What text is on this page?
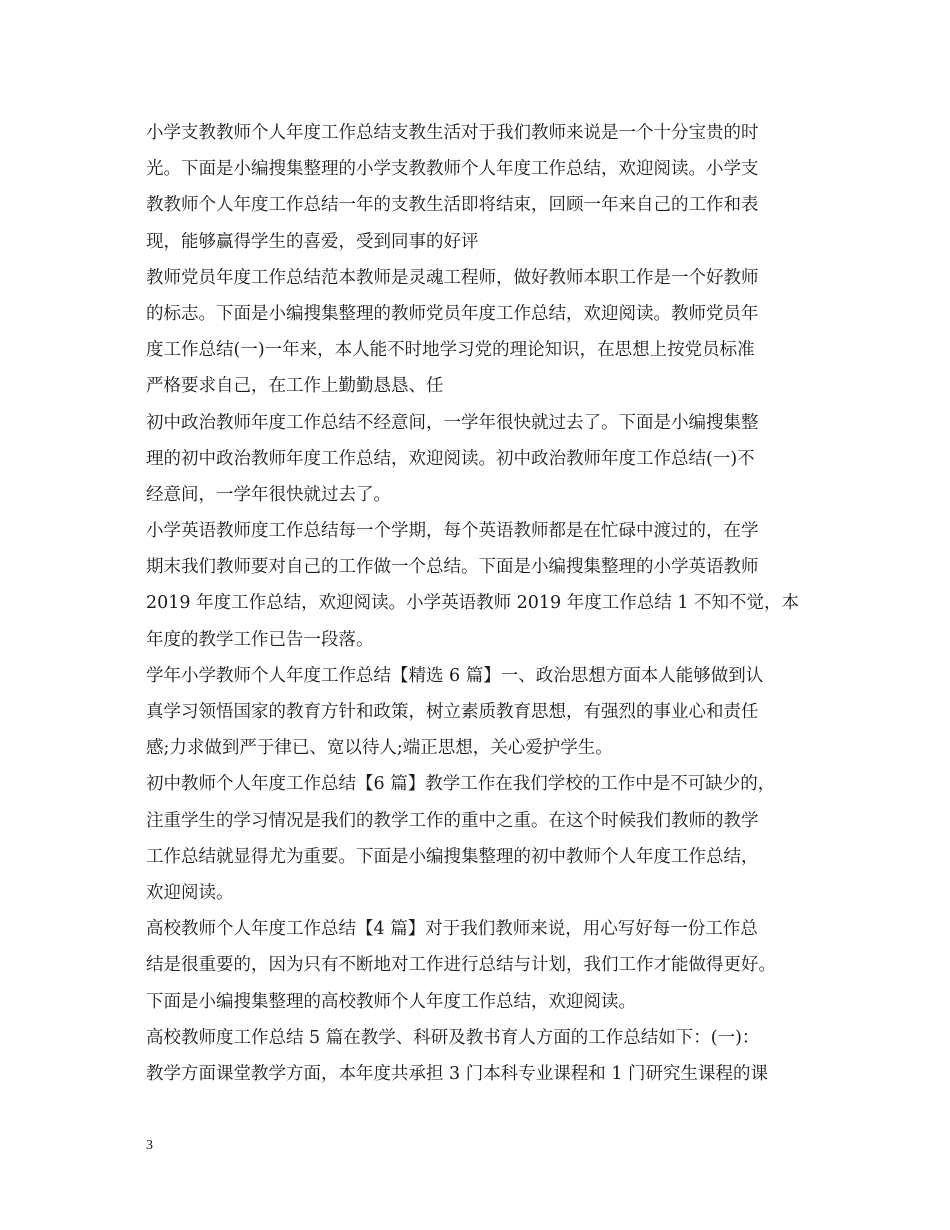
小学支教教师个人年度工作总结支教生活对于我们教师来说是一个十分宝贵的时
光。下面是小编搜集整理的小学支教教师个人年度工作总结，欢迎阅读。小学支
教教师个人年度工作总结一年的支教生活即将结束，回顾一年来自己的工作和表
现，能够赢得学生的喜爱，受到同事的好评
教师党员年度工作总结范本教师是灵魂工程师，做好教师本职工作是一个好教师
的标志。下面是小编搜集整理的教师党员年度工作总结，欢迎阅读。教师党员年
度工作总结(一)一年来，本人能不时地学习党的理论知识，在思想上按党员标准
严格要求自己，在工作上勤勤恳恳、任
初中政治教师年度工作总结不经意间，一学年很快就过去了。下面是小编搜集整
理的初中政治教师年度工作总结，欢迎阅读。初中政治教师年度工作总结(一)不
经意间，一学年很快就过去了。
小学英语教师度工作总结每一个学期，每个英语教师都是在忙碌中渡过的，在学
期末我们教师要对自己的工作做一个总结。下面是小编搜集整理的小学英语教师
2019 年度工作总结，欢迎阅读。小学英语教师 2019 年度工作总结 1 不知不觉，本
年度的教学工作已告一段落。
学年小学教师个人年度工作总结【精选 6 篇】一、政治思想方面本人能够做到认
真学习领悟国家的教育方针和政策，树立素质教育思想，有强烈的事业心和责任
感;力求做到严于律已、宽以待人;端正思想，关心爱护学生。
初中教师个人年度工作总结【6 篇】教学工作在我们学校的工作中是不可缺少的，
注重学生的学习情况是我们的教学工作的重中之重。在这个时候我们教师的教学
工作总结就显得尤为重要。下面是小编搜集整理的初中教师个人年度工作总结，
欢迎阅读。
高校教师个人年度工作总结【4 篇】对于我们教师来说，用心写好每一份工作总
结是很重要的，因为只有不断地对工作进行总结与计划，我们工作才能做得更好。
下面是小编搜集整理的高校教师个人年度工作总结，欢迎阅读。
高校教师度工作总结 5 篇在教学、科研及教书育人方面的工作总结如下：(一)：
教学方面课堂教学方面，本年度共承担 3 门本科专业课程和 1 门研究生课程的课
3
